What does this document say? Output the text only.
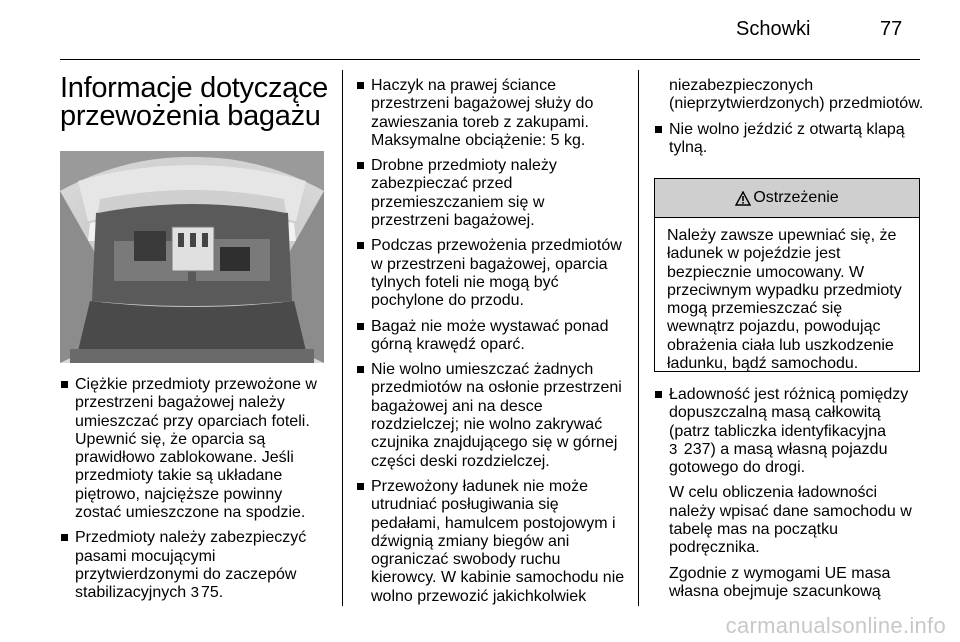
Schowki	77
Informacje dotyczące
przewożenia bagażu
Ciężkie przedmioty przewożone w przestrzeni bagażowej należy umieszczać przy oparciach foteli. Upewnić się, że oparcia są prawidłowo zablokowane. Jeśli przedmioty takie są układane piętrowo, najcięższe powinny zostać umieszczone na spodzie.
Przedmioty należy zabezpieczyć pasami mocującymi przytwierdzonymi do zaczepów stabilizacyjnych 3 75.
Haczyk na prawej ściance przestrzeni bagażowej służy do zawieszania toreb z zakupami. Maksymalne obciążenie: 5 kg.
Drobne przedmioty należy zabezpieczać przed przemieszczaniem się w przestrzeni bagażowej.
Podczas przewożenia przedmiotów w przestrzeni bagażowej, oparcia tylnych foteli nie mogą być pochylone do przodu.
Bagaż nie może wystawać ponad górną krawędź oparć.
Nie wolno umieszczać żadnych przedmiotów na osłonie przestrzeni bagażowej ani na desce rozdzielczej; nie wolno zakrywać czujnika znajdującego się w górnej części deski rozdzielczej.
Przewożony ładunek nie może utrudniać posługiwania się pedałami, hamulcem postojowym i dźwignią zmiany biegów ani ograniczać swobody ruchu kierowcy. W kabinie samochodu nie wolno przewozić jakichkolwiek
niezabezpieczonych (nieprzytwierdzonych) przedmiotów.
Nie wolno jeździć z otwartą klapą tylną.
Ostrzeżenie
Należy zawsze upewniać się, że ładunek w pojeździe jest bezpiecznie umocowany. W przeciwnym wypadku przedmioty mogą przemieszczać się wewnątrz pojazdu, powodując obrażenia ciała lub uszkodzenie ładunku, bądź samochodu.
Ładowność jest różnicą pomiędzy dopuszczalną masą całkowitą (patrz tabliczka identyfikacyjna
3 237) a masą własną pojazdu gotowego do drogi.
W celu obliczenia ładowności należy wpisać dane samochodu w tabelę mas na początku podręcznika.
Zgodnie z wymogami UE masa własna obejmuje szacunkową
carmanualsonline.info
